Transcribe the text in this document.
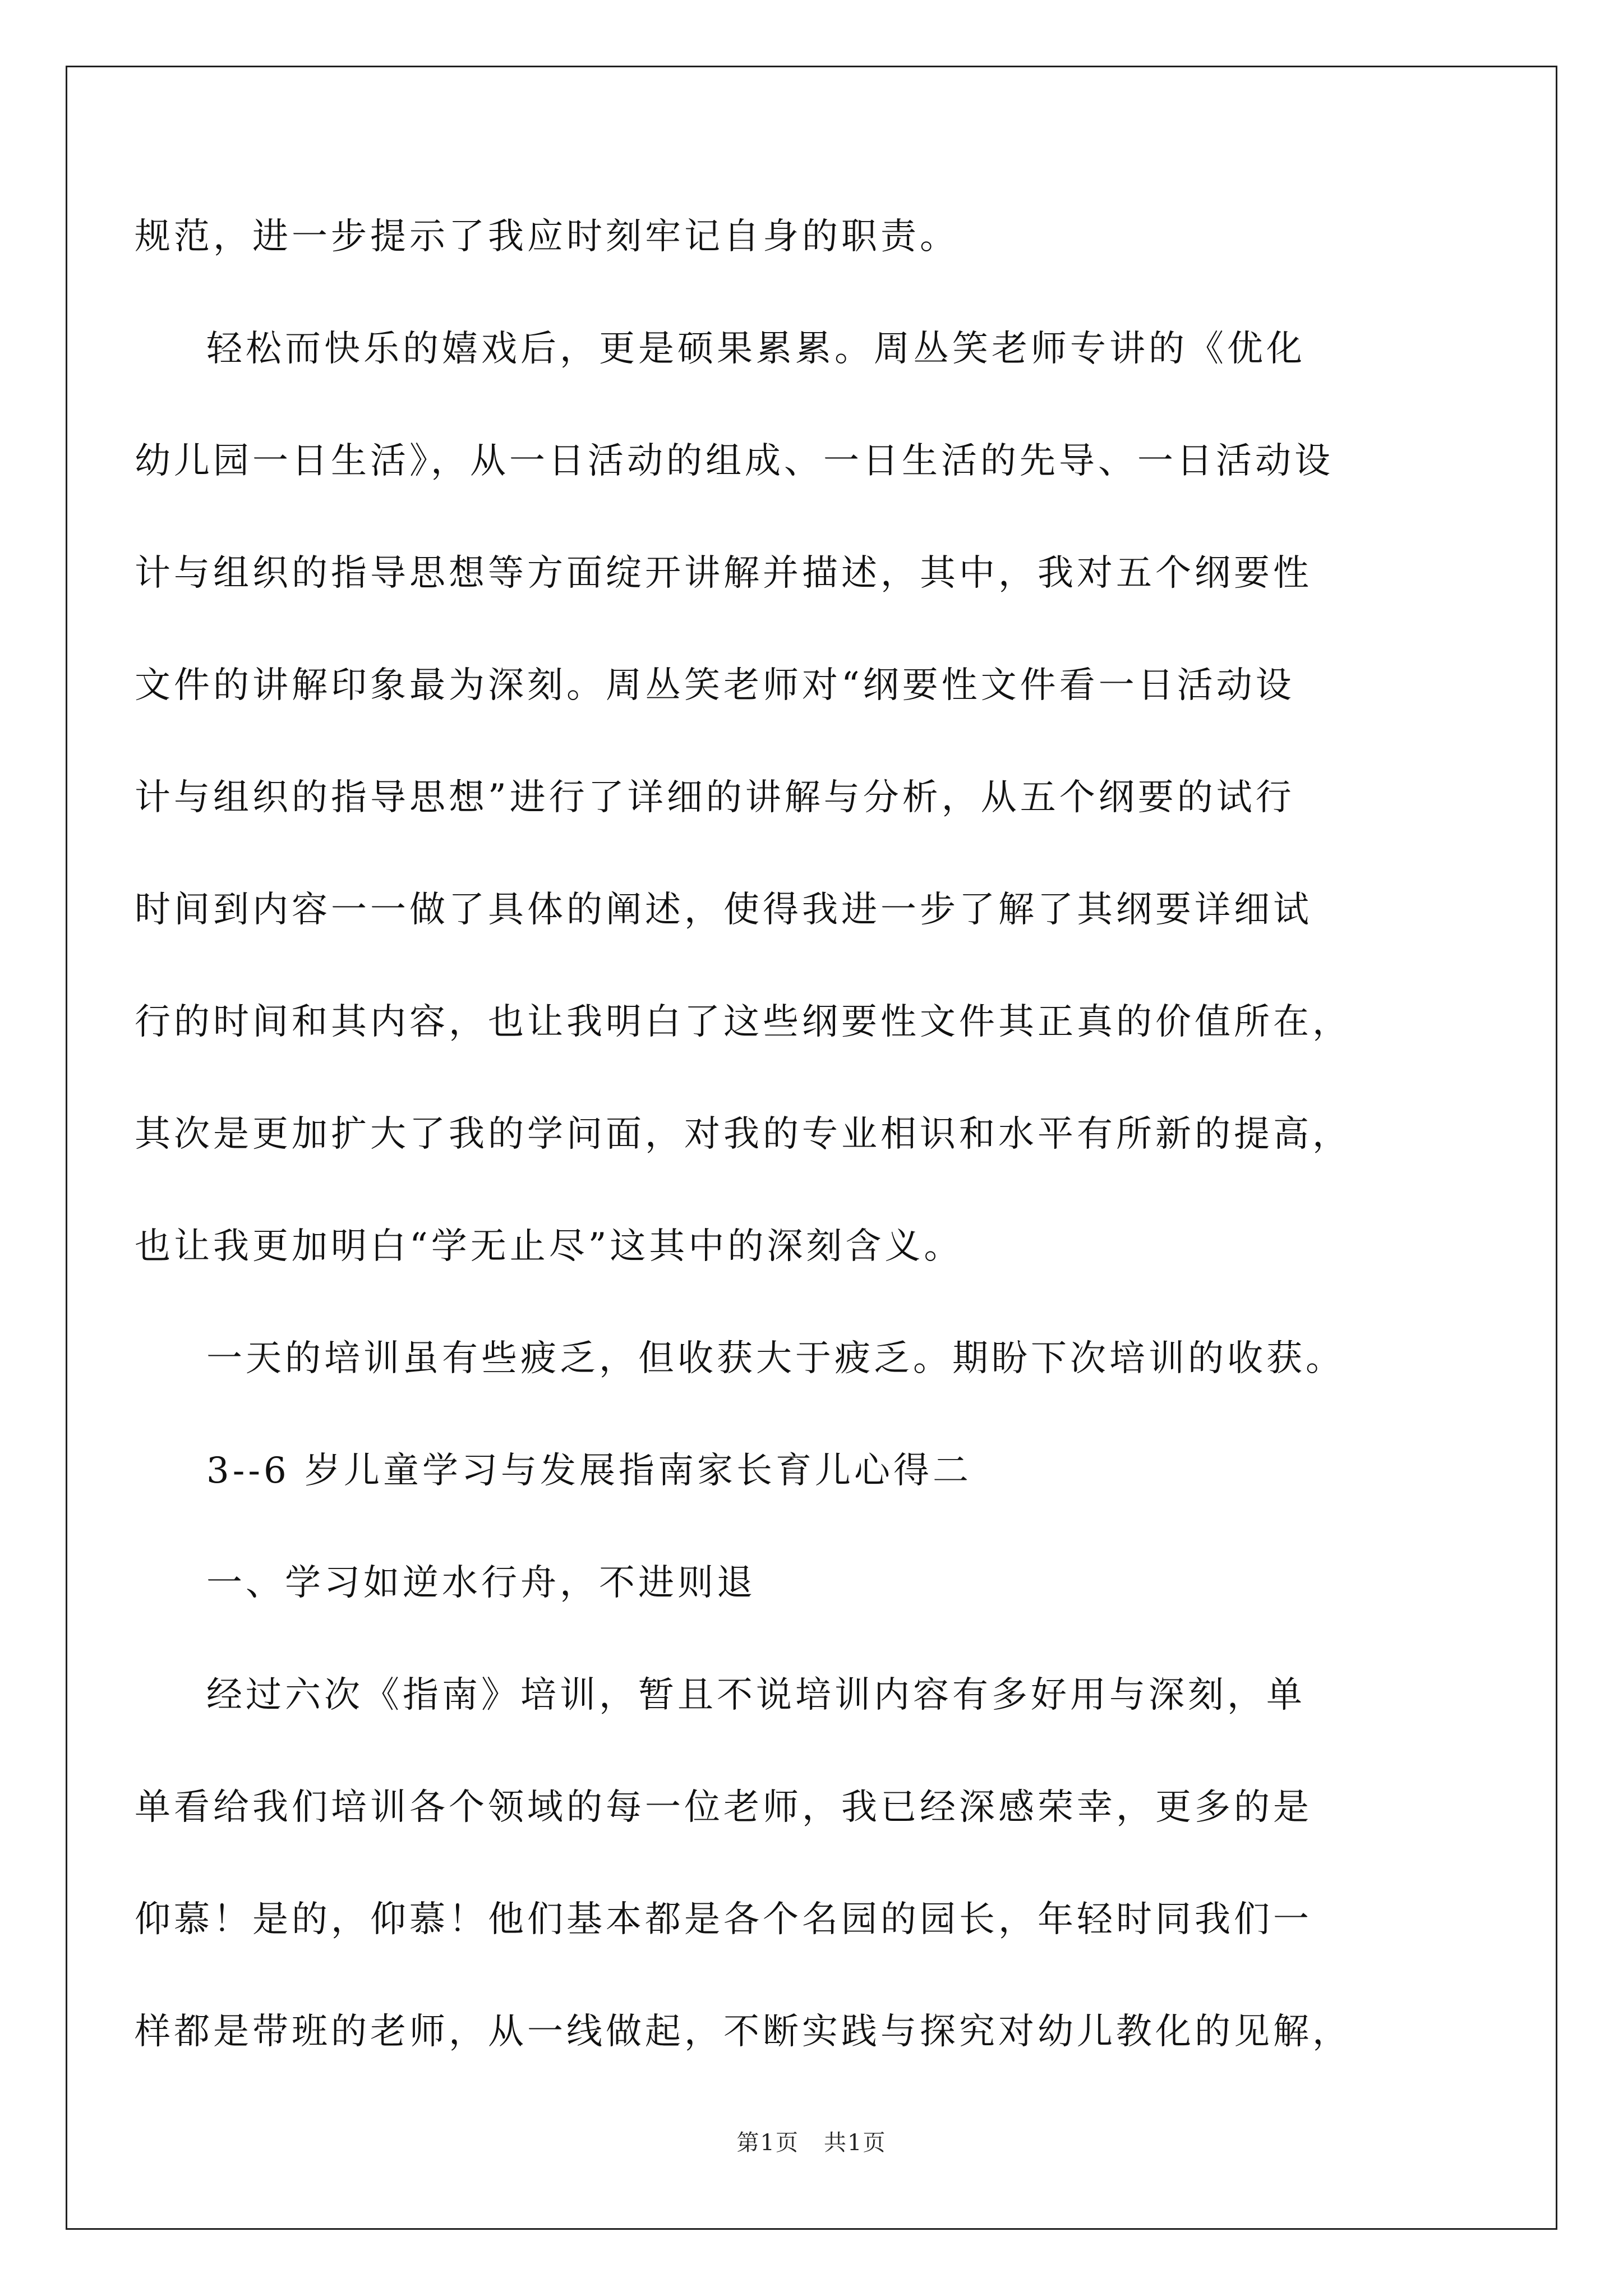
规范，进一步提示了我应时刻牢记自身的职责。
轻松而快乐的嬉戏后，更是硕果累累。周丛笑老师专讲的《优化
幼儿园一日生活》，从一日活动的组成、一日生活的先导、一日活动设
计与组织的指导思想等方面绽开讲解并描述，其中，我对五个纲要性
文件的讲解印象最为深刻。周丛笑老师对“纲要性文件看一日活动设
计与组织的指导思想”进行了详细的讲解与分析，从五个纲要的试行
时间到内容一一做了具体的阐述，使得我进一步了解了其纲要详细试
行的时间和其内容，也让我明白了这些纲要性文件其正真的价值所在，
其次是更加扩大了我的学问面，对我的专业相识和水平有所新的提高，
也让我更加明白“学无止尽”这其中的深刻含义。
一天的培训虽有些疲乏，但收获大于疲乏。期盼下次培训的收获。
3--6 岁儿童学习与发展指南家长育儿心得二
一、学习如逆水行舟，不进则退
经过六次《指南》培训，暂且不说培训内容有多好用与深刻，单
单看给我们培训各个领域的每一位老师，我已经深感荣幸，更多的是
仰慕！是的，仰慕！他们基本都是各个名园的园长，年轻时同我们一
样都是带班的老师，从一线做起，不断实践与探究对幼儿教化的见解，
第1页 共1页
